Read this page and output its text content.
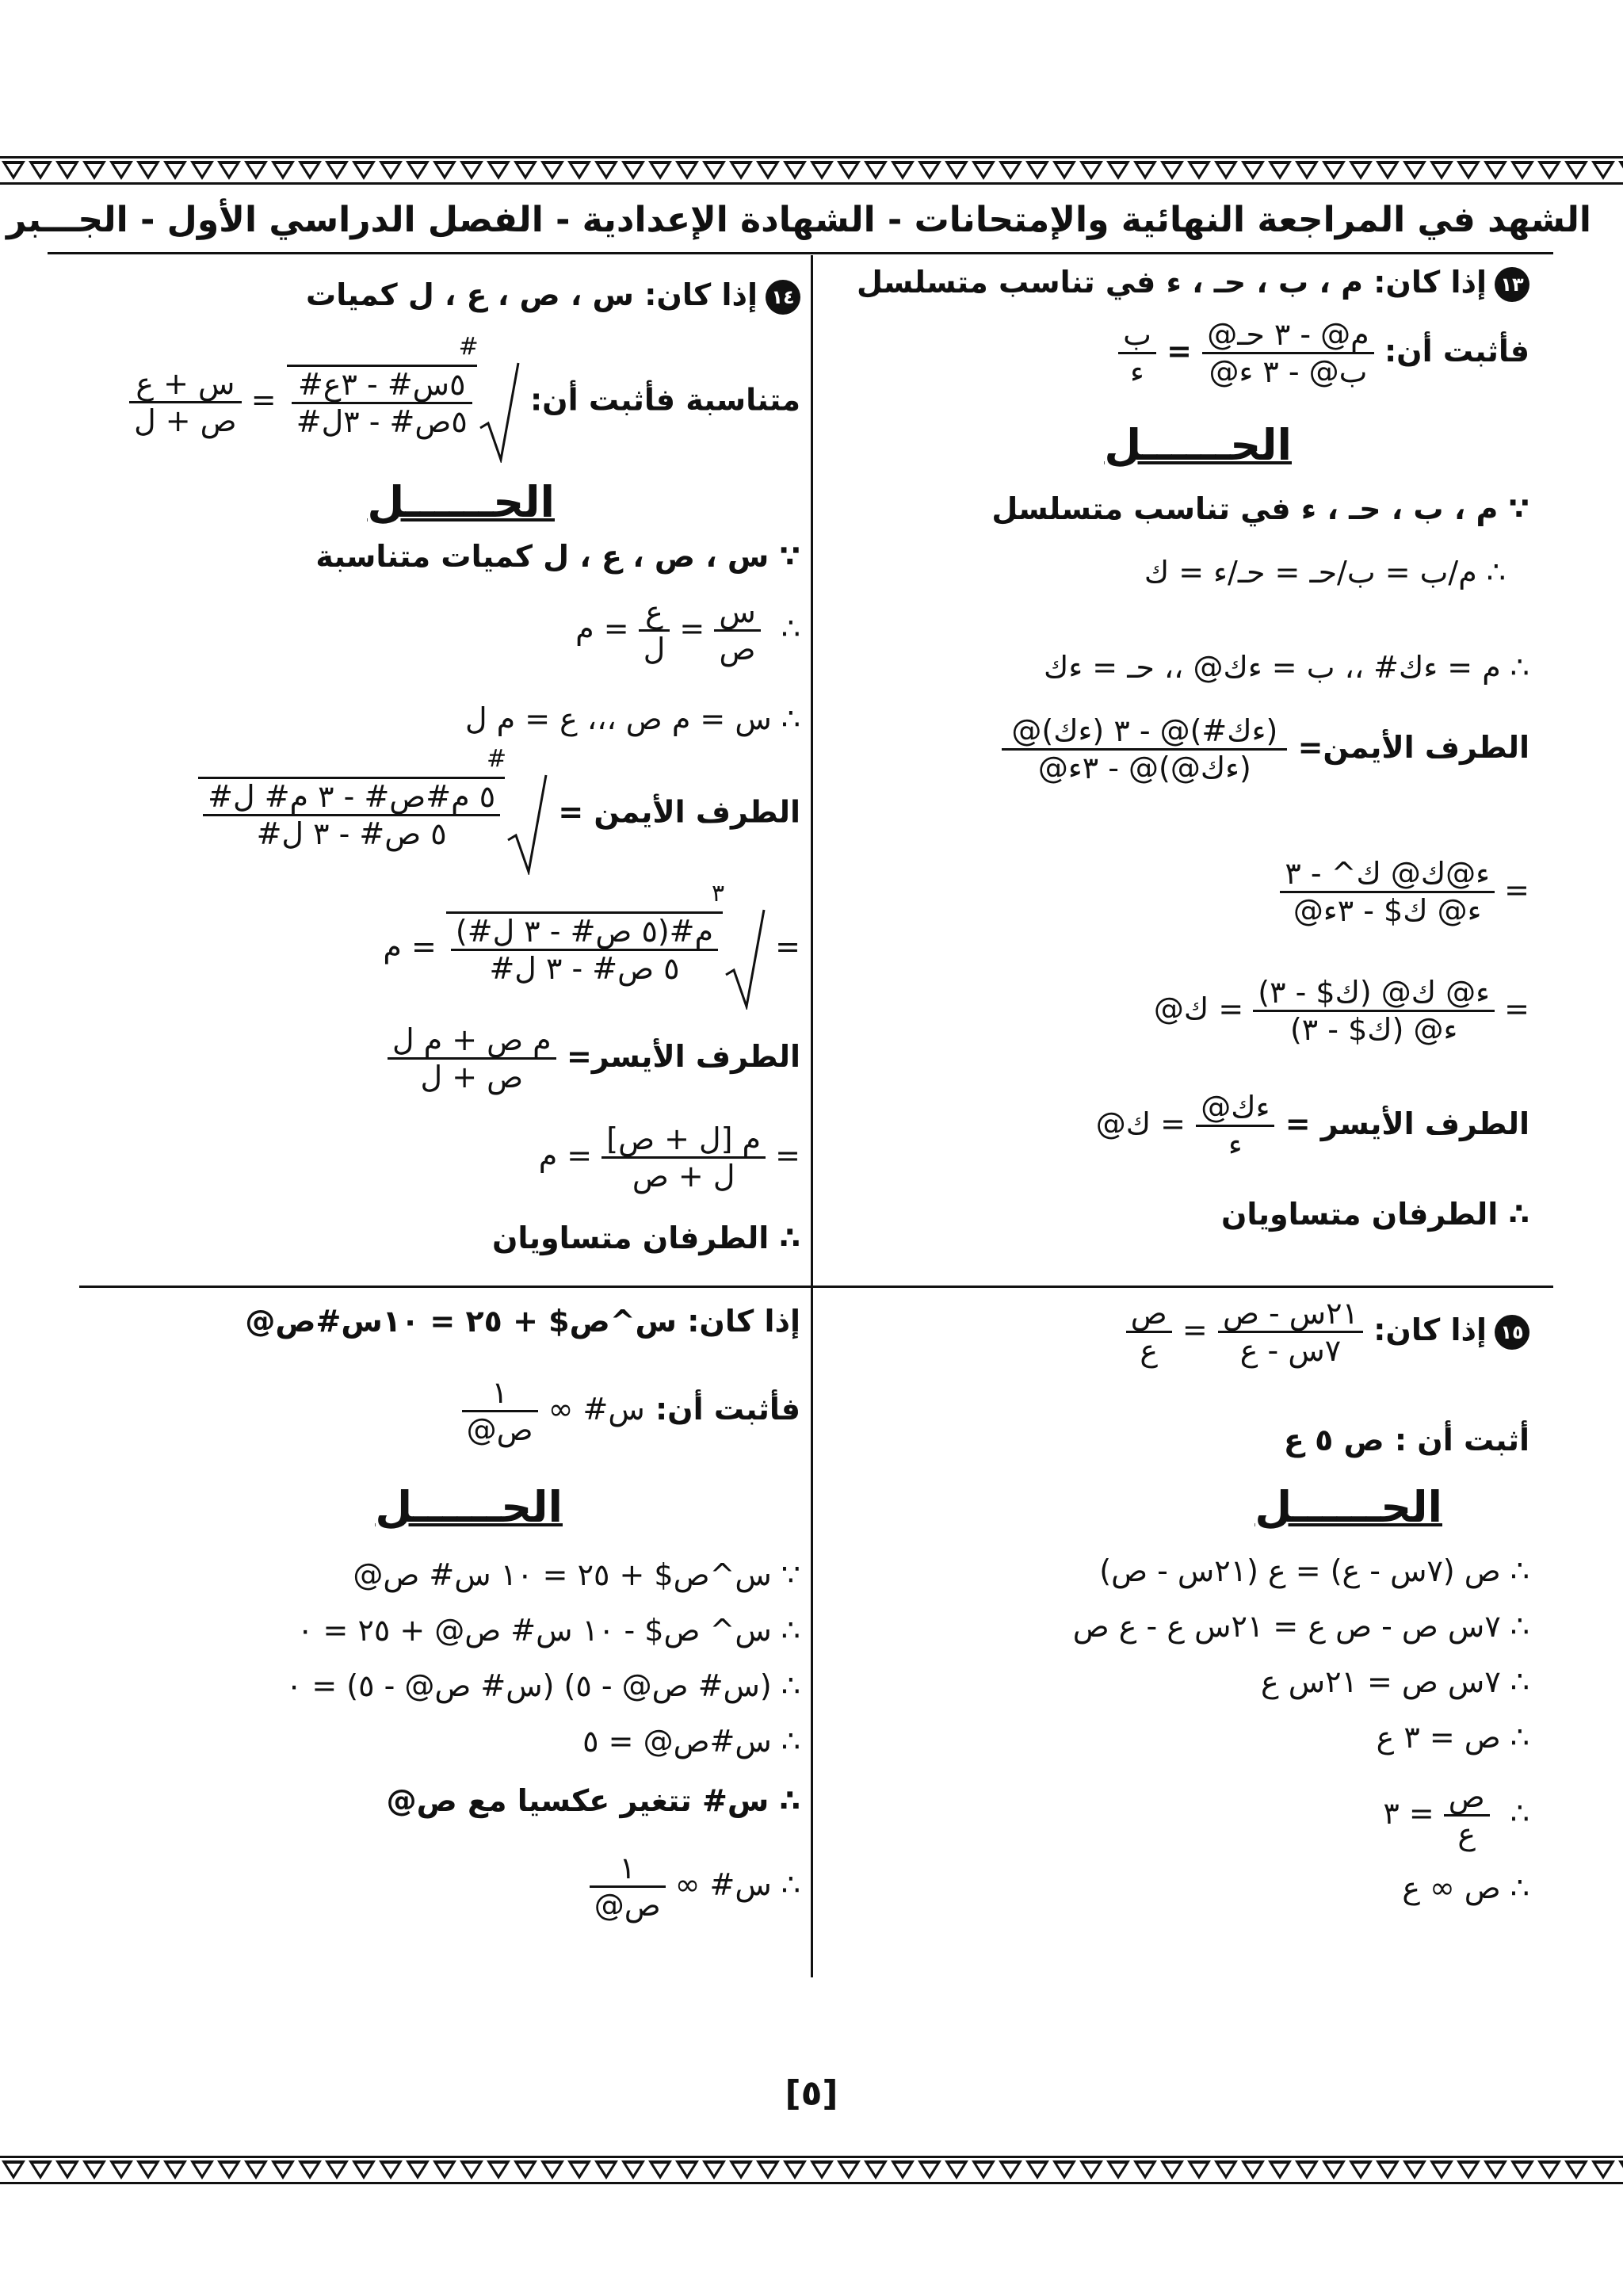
الشهد في المراجعة النهائية والإمتحانات - الشهادة الإعدادية - الفصل الدراسي الأول - الجـــبر
١٣إذا كان: م ، ب ، حـ ، ء في تناسب متسلسل
فأثبت أن:
$\frac{\text{م@ - ٣ حـ@}}{\text{ب@ - ٣ ء@}}$
=
$\frac{\text{ب}}{\text{ء}}$
الحــــــل
∵ م ، ب ، حـ ، ء في تناسب متسلسل
∴ م/ب = ب/حـ = حـ/ء = ك
∴ م = ءك# ،، ب = ءك@ ،، حـ = ءك
الطرف الأيمن=
$\frac{\text{(ءك\#)@ - ٣ (ءك)@}}{\text{(ءك@)@ - ٣ء@}}$
=
$\frac{\text{ء@ك@ ك\textasciicircum{} - ٣}}{\text{ء@ ك\$ - ٣ء@}}$
=
$\frac{\text{ء@ ك@ (ك\$ - ٣)}}{\text{ء@ (ك\$ - ٣)}}$
= ك@
الطرف الأيسر =
$\frac{\text{ءك@}}{\text{ء}}$
= ك@
∴ الطرفان متساويان
١٤إذا كان: س ، ص ، ع ، ل كميات
متناسبة فأثبت أن:
#
$\frac{\text{٥س\# - ٣ع\#}}{\text{٥ص\# - ٣ل\#}}$
=
$\frac{\text{س + ع}}{\text{ص + ل}}$
الحــــــل
∵ س ، ص ، ع ، ل كميات متناسبة
∴
$\frac{\text{س}}{\text{ص}}$
=
$\frac{\text{ع}}{\text{ل}}$
= م
∴ س = م ص ،،، ع = م ل
الطرف الأيمن =
#
$\frac{\text{٥ م\#ص\# - ٣ م\# ل\#}}{\text{٥ ص\# - ٣ ل\#}}$
=
٣
$\frac{\text{م\#(٥ ص\# - ٣ ل\#)}}{\text{٥ ص\# - ٣ ل\#}}$
= م
الطرف الأيسر=
$\frac{\text{م ص + م ل}}{\text{ص + ل}}$
=
$\frac{\text{م [ل + ص]}}{\text{ل + ص}}$
= م
∴ الطرفان متساويان
١٥إذا كان:
$\frac{\text{٢١س - ص}}{\text{٧س - ع}}$
=
$\frac{\text{ص}}{\text{ع}}$
أثبت أن : ص ٥ ع
الحــــــل
∴ ص (٧س - ع) = ع (٢١س - ص)
∴ ٧س ص - ص ع = ٢١س ع - ع ص
∴ ٧س ص = ٢١س ع
∴ ص = ٣ ع
∴
$\frac{\text{ص}}{\text{ع}}$
= ٣
∴ ص ∞ ع
إذا كان: س^ص$ + ٢٥ = ١٠س#ص@
فأثبت أن: س# ∞
$\frac{١}{\text{ص@}}$
الحــــــل
∵ س^ص$ + ٢٥ = ١٠ س# ص@
∴ س^ ص$ - ١٠ س# ص@ + ٢٥ = ٠
∴ (س# ص@ - ٥) (س# ص@ - ٥) = ٠
∴ س#ص@ = ٥
∴ س# تتغير عكسيا مع ص@
∴ س# ∞
$\frac{١}{\text{ص@}}$
[٥]
